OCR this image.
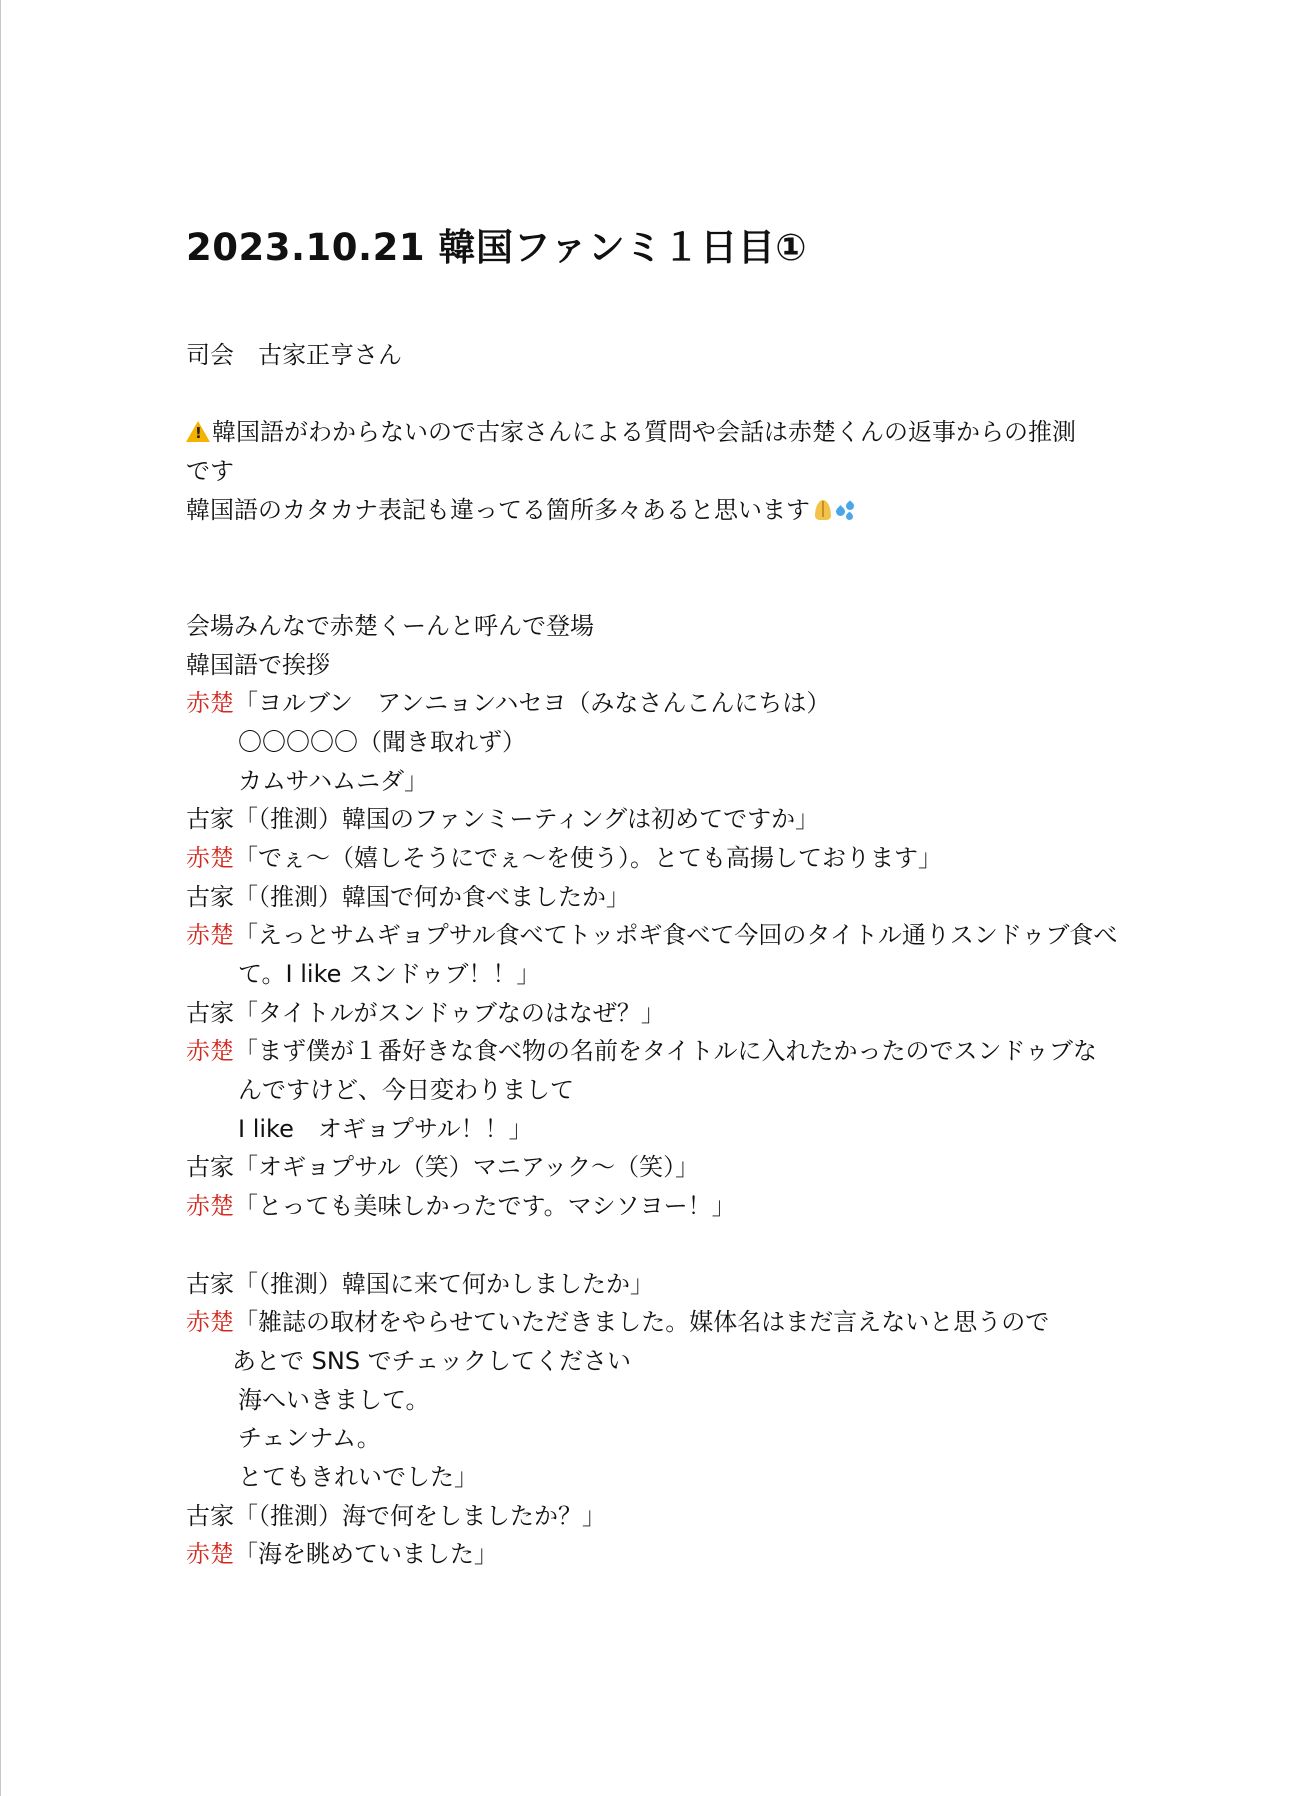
2023.10.21 韓国ファンミ１日目①
司会　古家正亨さん
!韓国語がわからないので古家さんによる質問や会話は赤楚くんの返事からの推測
です
韓国語のカタカナ表記も違ってる箇所多々あると思います
会場みんなで赤楚くーんと呼んで登場
韓国語で挨拶
赤楚「ヨルブン　アンニョンハセヨ（みなさんこんにちは）
〇〇〇〇〇（聞き取れず）
カムサハムニダ」
古家「（推測）韓国のファンミーティングは初めてですか」
赤楚「でぇ～（嬉しそうにでぇ～を使う）。とても高揚しております」
古家「（推測）韓国で何か食べましたか」
赤楚「えっとサムギョプサル食べてトッポギ食べて今回のタイトル通りスンドゥブ食べ
て。I like スンドゥブ！！」
古家「タイトルがスンドゥブなのはなぜ？」
赤楚「まず僕が１番好きな食べ物の名前をタイトルに入れたかったのでスンドゥブな
んですけど、今日変わりまして
I like　オギョプサル！！」
古家「オギョプサル（笑）マニアック～（笑）」
赤楚「とっても美味しかったです。マシソヨー！」
古家「（推測）韓国に来て何かしましたか」
赤楚「雑誌の取材をやらせていただきました。媒体名はまだ言えないと思うので
あとで SNS でチェックしてください
海へいきまして。
チェンナム。
とてもきれいでした」
古家「（推測）海で何をしましたか？」
赤楚「海を眺めていました」
